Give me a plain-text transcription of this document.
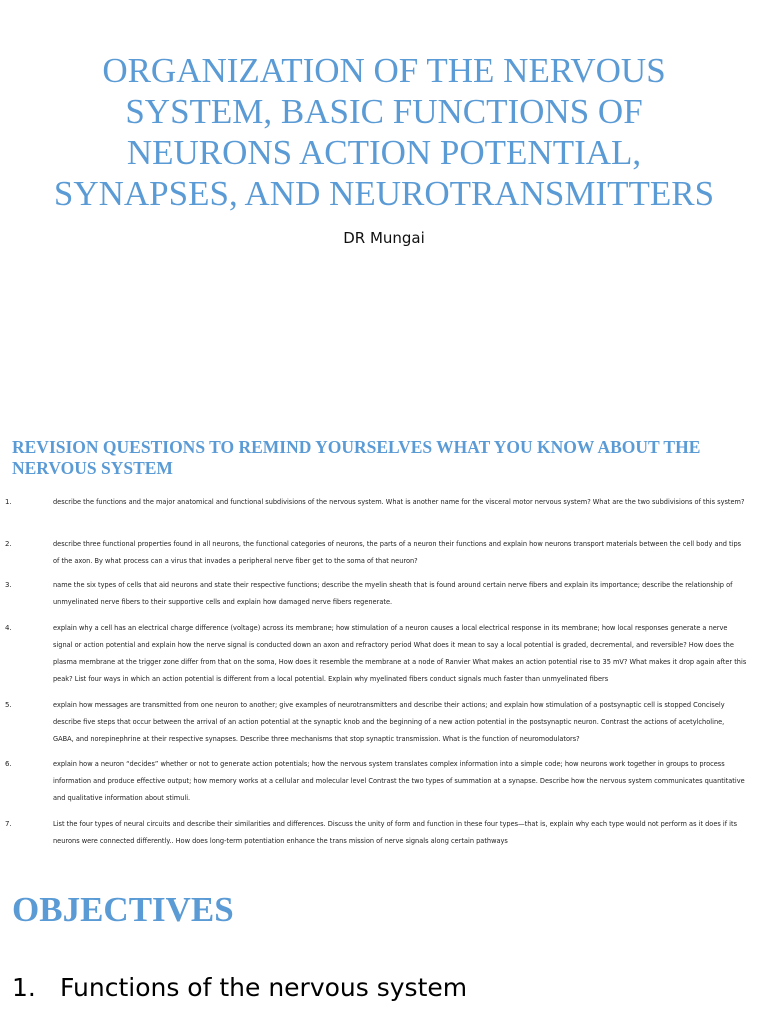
ORGANIZATION OF THE NERVOUS
SYSTEM, BASIC FUNCTIONS OF
NEURONS ACTION POTENTIAL,
SYNAPSES, AND NEUROTRANSMITTERS
DR Mungai
REVISION QUESTIONS TO REMIND YOURSELVES WHAT YOU KNOW ABOUT THE NERVOUS SYSTEM
1.	describe the functions and the major anatomical and functional subdivisions of the nervous system. What is another name for the visceral motor nervous system? What are the two subdivisions of this system?
2.	describe three functional properties found in all neurons, the functional categories of neurons, the parts of a neuron their functions and explain how neurons transport materials between the cell body and tips of the axon. By what process can a virus that invades a peripheral nerve fiber get to the soma of that neuron?
3.	name the six types of cells that aid neurons and state their respective functions; describe the myelin sheath that is found around certain nerve fibers and explain its importance; describe the relationship of unmyelinated nerve fibers to their supportive cells and explain how damaged nerve fibers regenerate.
4.	explain why a cell has an electrical charge difference (voltage) across its membrane; how stimulation of a neuron causes a local electrical response in its membrane; how local responses generate a nerve signal or action potential and explain how the nerve signal is conducted down an axon and refractory period What does it mean to say a local potential is graded, decremental, and reversible? How does the plasma membrane at the trigger zone differ from that on the soma, How does it resemble the membrane at a node of Ranvier What makes an action potential rise to 35 mV? What makes it drop again after this peak? List four ways in which an action potential is different from a local potential. Explain why myelinated fibers conduct signals much faster than unmyelinated fibers
5.	explain how messages are transmitted from one neuron to another; give examples of neurotransmitters and describe their actions; and explain how stimulation of a postsynaptic cell is stopped Concisely describe five steps that occur between the arrival of an action potential at the synaptic knob and the beginning of a new action potential in the postsynaptic neuron. Contrast the actions of acetylcholine, GABA, and norepinephrine at their respective synapses. Describe three mechanisms that stop synaptic transmission. What is the function of neuromodulators?
6.	explain how a neuron “decides” whether or not to generate action potentials; how the nervous system translates complex information into a simple code; how neurons work together in groups to process information and produce effective output; how memory works at a cellular and molecular level Contrast the two types of summation at a synapse. Describe how the nervous system communicates quantitative and qualitative information about stimuli.
7.	List the four types of neural circuits and describe their similarities and differences. Discuss the unity of form and function in these four types—that is, explain why each type would not perform as it does if its neurons were connected differently.. How does long-term potentiation enhance the trans mission of nerve signals along certain pathways
OBJECTIVES

1. Functions of the nervous system
